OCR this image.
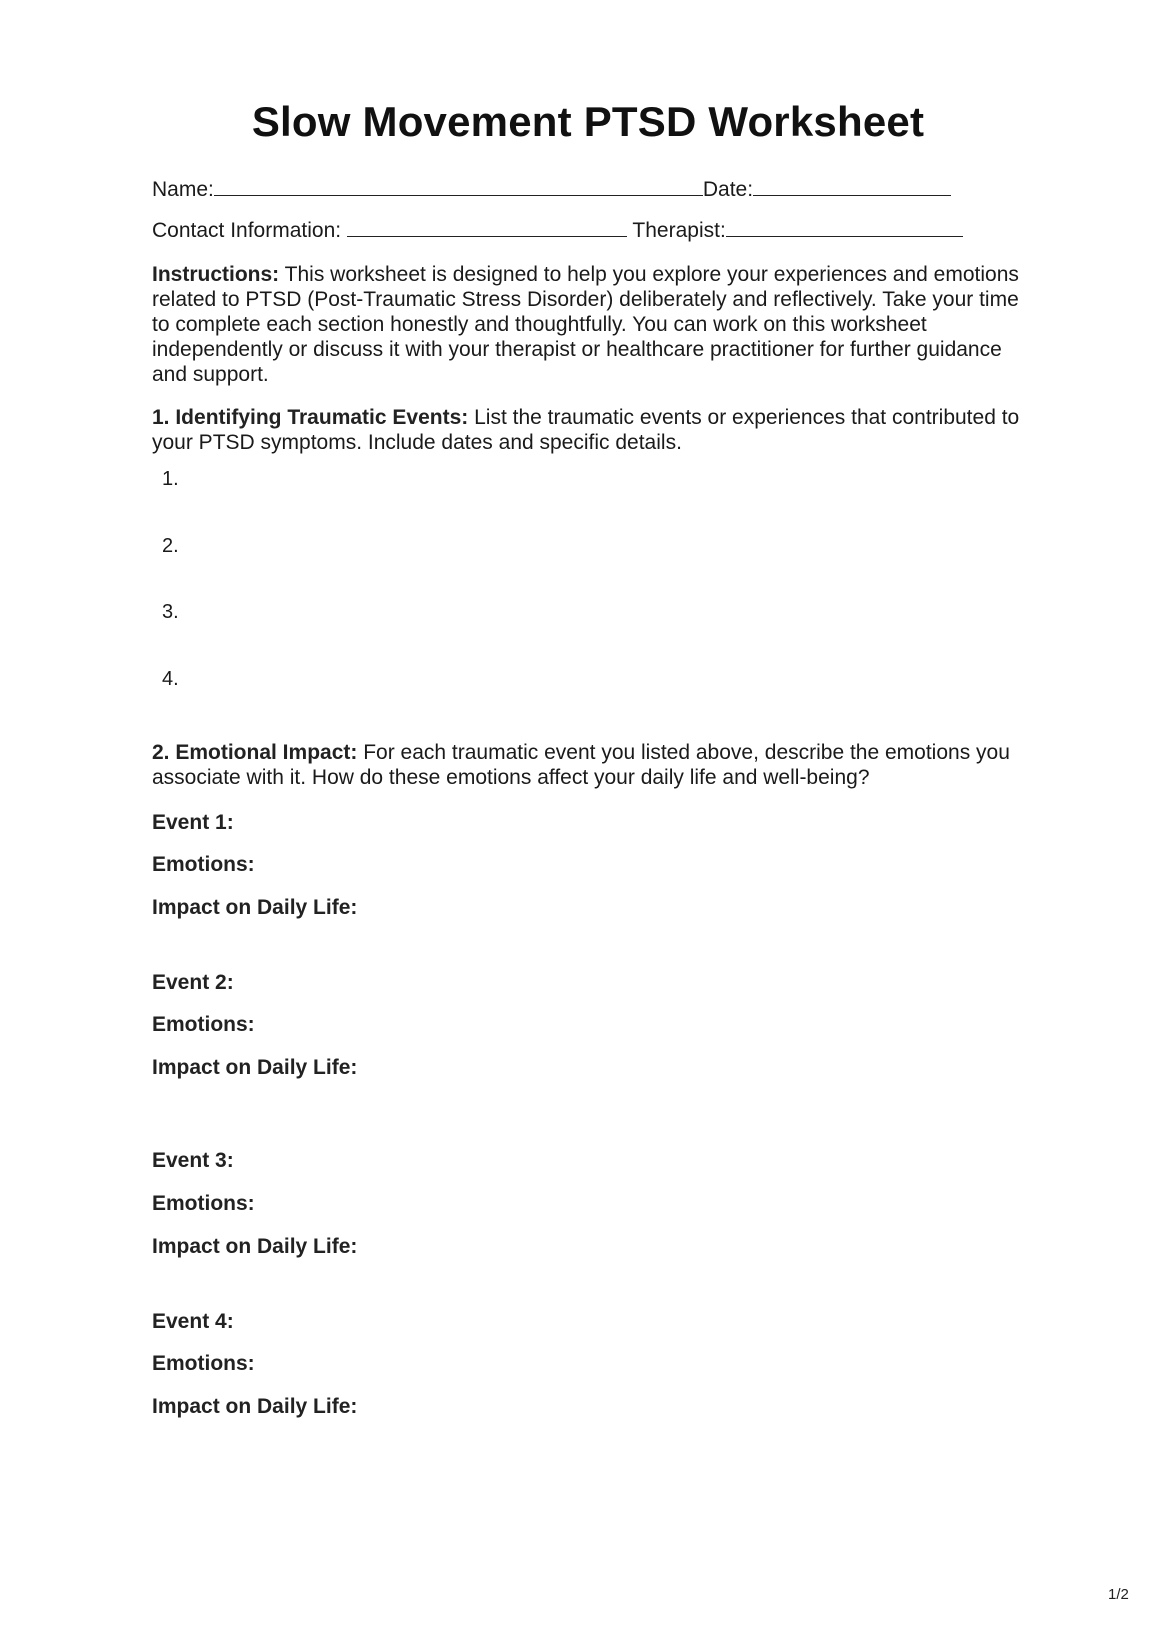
Slow Movement PTSD Worksheet
Name:	Date:
Contact Information:	Therapist:
Instructions: This worksheet is designed to help you explore your experiences and emotions related to PTSD (Post-Traumatic Stress Disorder) deliberately and reflectively. Take your time to complete each section honestly and thoughtfully. You can work on this worksheet independently or discuss it with your therapist or healthcare practitioner for further guidance and support.
1. Identifying Traumatic Events: List the traumatic events or experiences that contributed to your PTSD symptoms. Include dates and specific details.
1.
2.
3.
4.
2. Emotional Impact: For each traumatic event you listed above, describe the emotions you associate with it. How do these emotions affect your daily life and well-being?
Event 1:
Emotions:
Impact on Daily Life:
Event 2:
Emotions:
Impact on Daily Life:
Event 3:
Emotions:
Impact on Daily Life:
Event 4:
Emotions:
Impact on Daily Life:
1/2
